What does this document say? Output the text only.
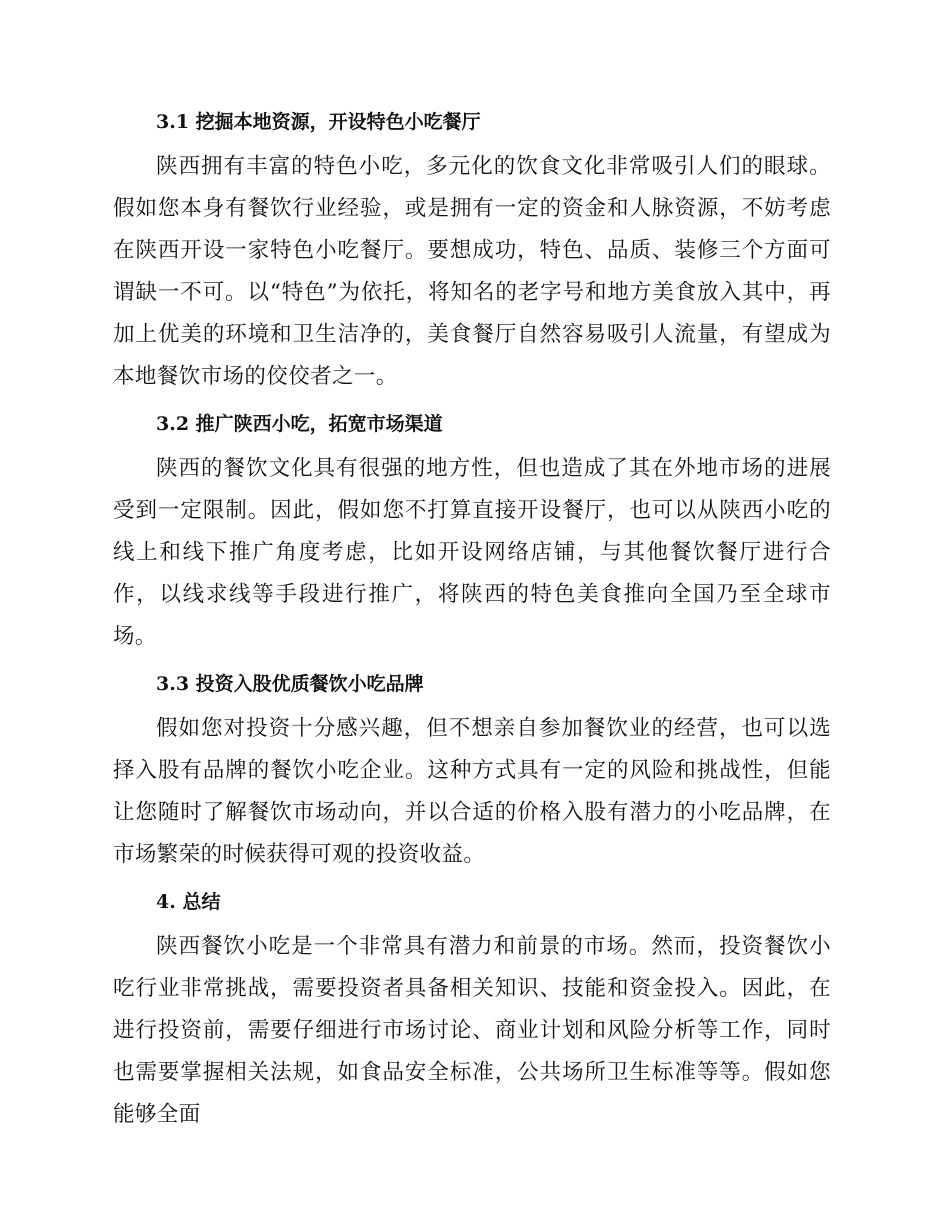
3.1 挖掘本地资源，开设特色小吃餐厅

陕西拥有丰富的特色小吃，多元化的饮食文化非常吸引人们的眼球。假如您本身有餐饮行业经验，或是拥有一定的资金和人脉资源，不妨考虑在陕西开设一家特色小吃餐厅。要想成功，特色、品质、装修三个方面可谓缺一不可。以“特色”为依托，将知名的老字号和地方美食放入其中，再加上优美的环境和卫生洁净的，美食餐厅自然容易吸引人流量，有望成为本地餐饮市场的佼佼者之一。

3.2 推广陕西小吃，拓宽市场渠道

陕西的餐饮文化具有很强的地方性，但也造成了其在外地市场的进展受到一定限制。因此，假如您不打算直接开设餐厅，也可以从陕西小吃的线上和线下推广角度考虑，比如开设网络店铺，与其他餐饮餐厅进行合作，以线求线等手段进行推广，将陕西的特色美食推向全国乃至全球市场。

3.3 投资入股优质餐饮小吃品牌

假如您对投资十分感兴趣，但不想亲自参加餐饮业的经营，也可以选择入股有品牌的餐饮小吃企业。这种方式具有一定的风险和挑战性，但能让您随时了解餐饮市场动向，并以合适的价格入股有潜力的小吃品牌，在市场繁荣的时候获得可观的投资收益。

4. 总结

陕西餐饮小吃是一个非常具有潜力和前景的市场。然而，投资餐饮小吃行业非常挑战，需要投资者具备相关知识、技能和资金投入。因此，在进行投资前，需要仔细进行市场讨论、商业计划和风险分析等工作，同时也需要掌握相关法规，如食品安全标准，公共场所卫生标准等等。假如您能够全面
